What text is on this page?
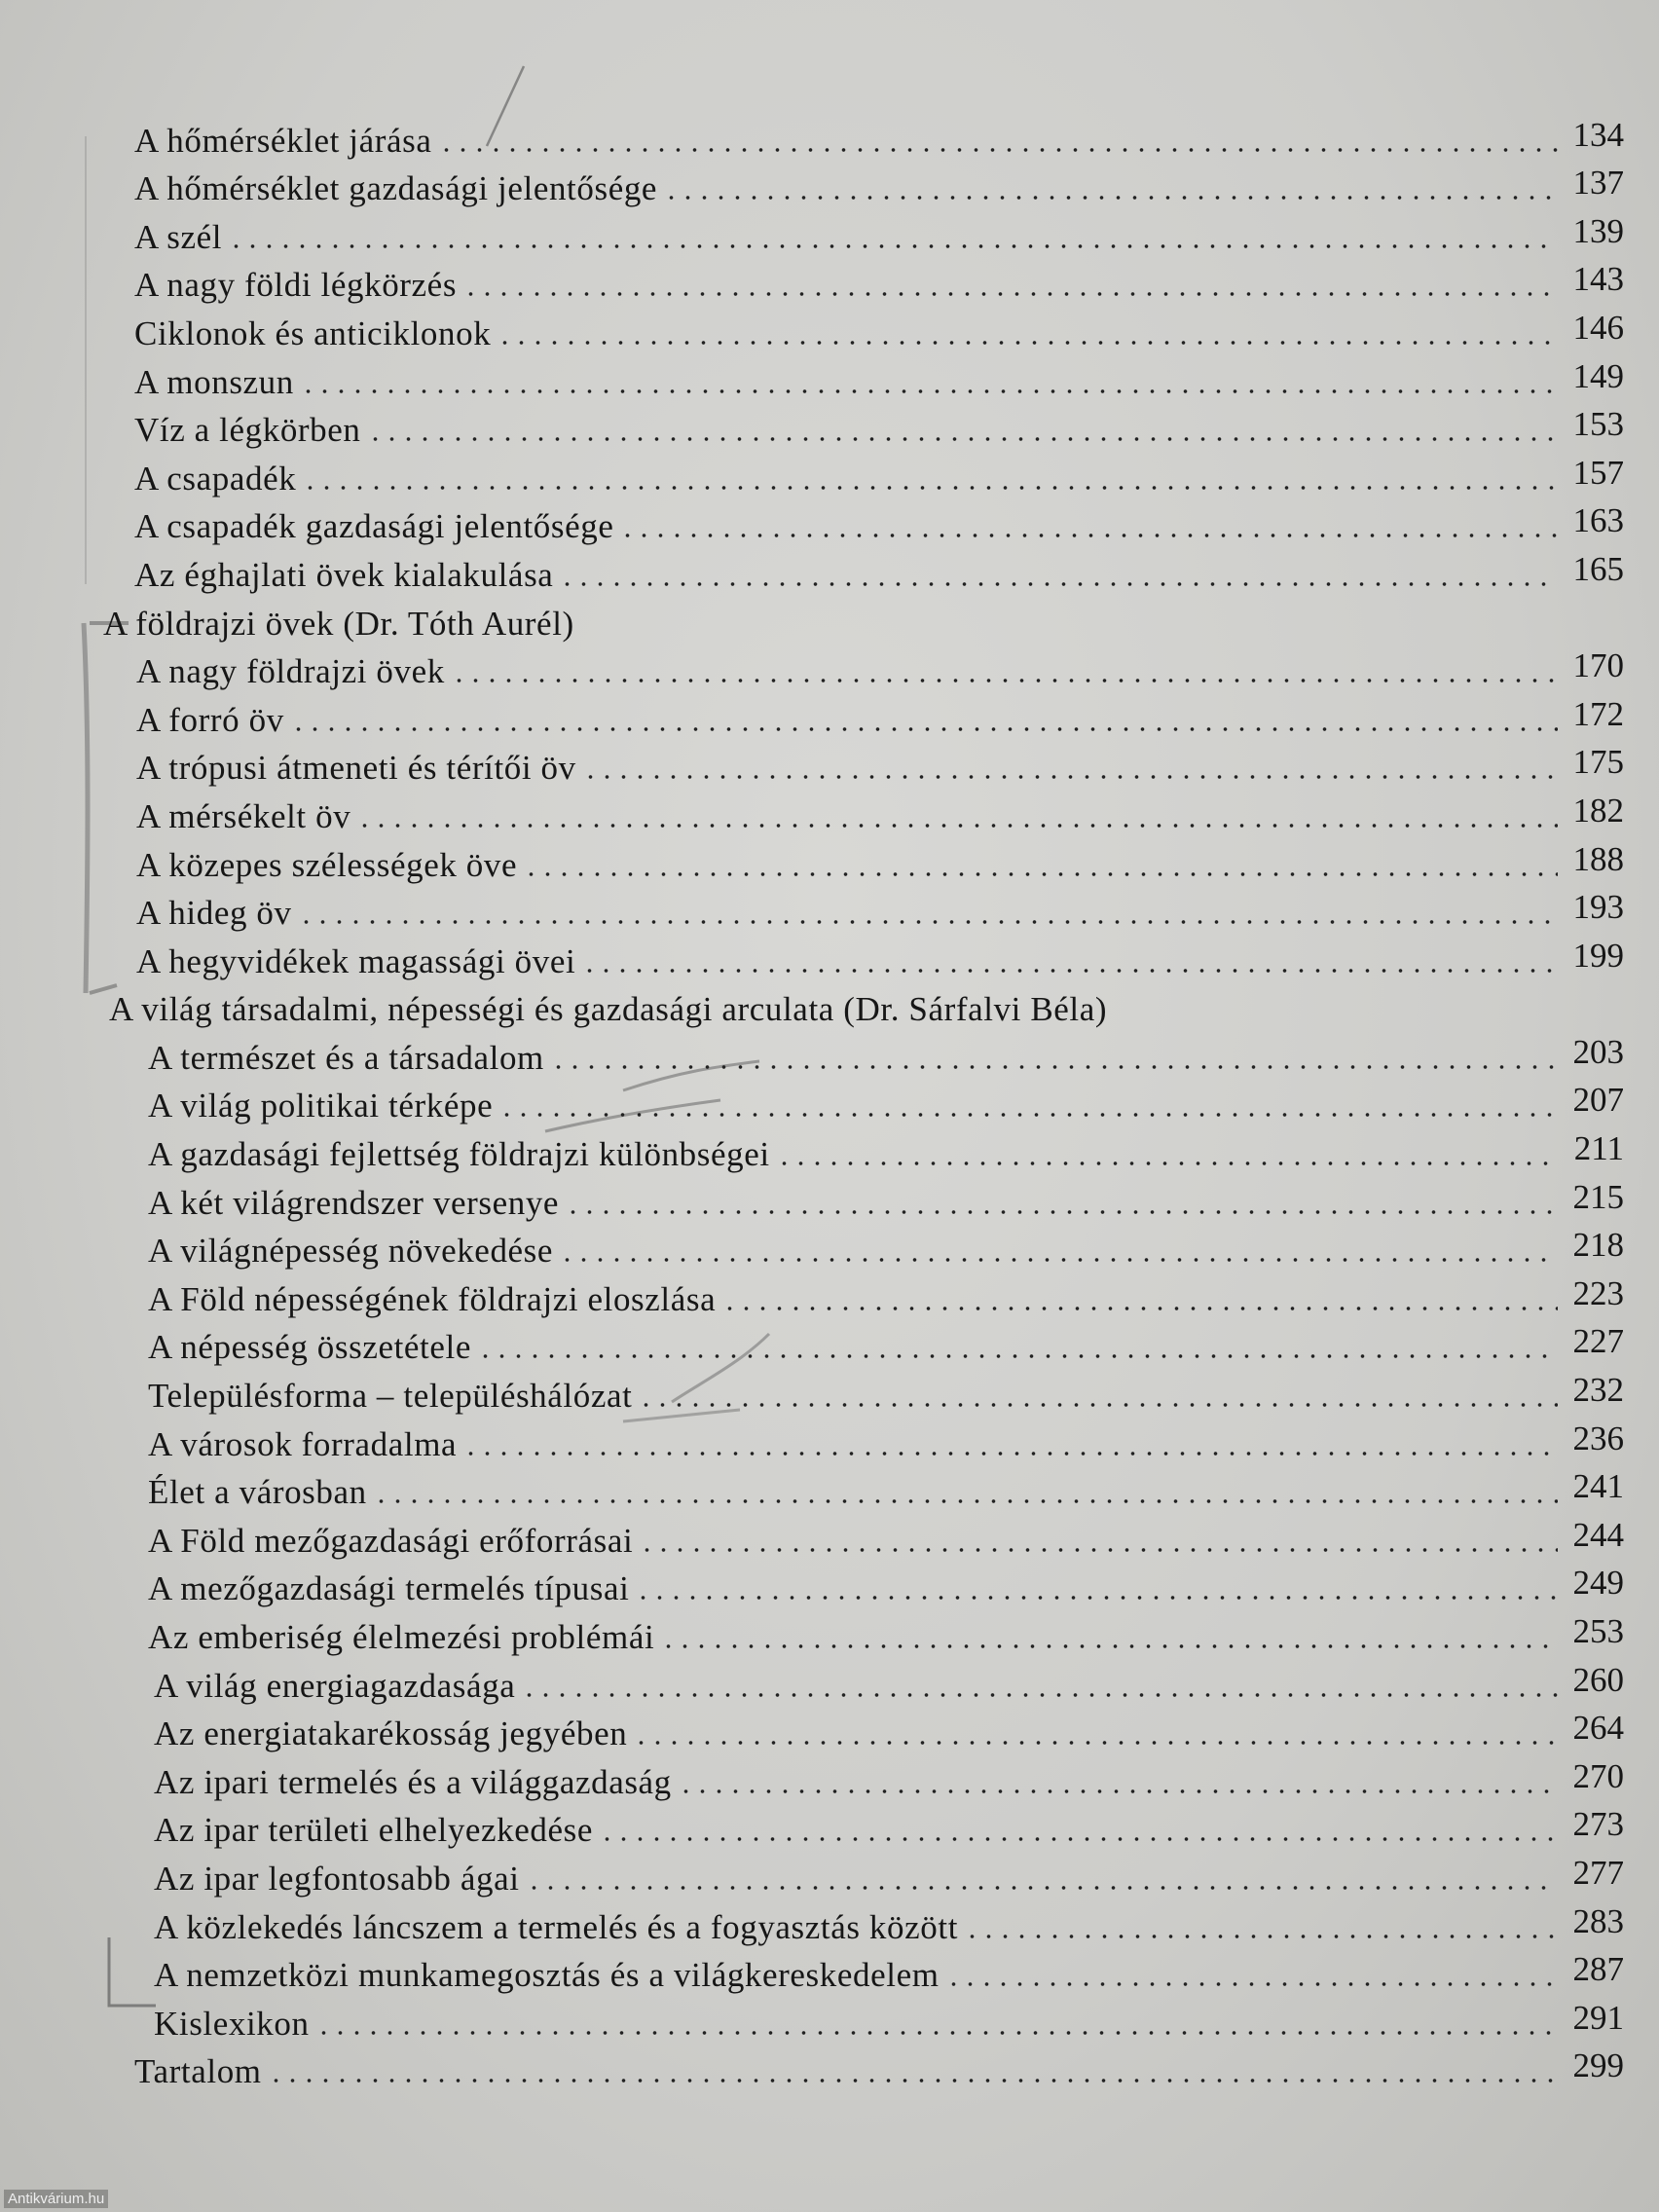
A hőmérséklet járása	134
A hőmérséklet gazdasági jelentősége	137
A szél	139
A nagy földi légkörzés	143
Ciklonok és anticiklonok	146
A monszun	149
Víz a légkörben	153
A csapadék	157
A csapadék gazdasági jelentősége	163
Az éghajlati övek kialakulása	165
A földrajzi övek (Dr. Tóth Aurél)
A nagy földrajzi övek	170
A forró öv	172
A trópusi átmeneti és térítői öv	175
A mérsékelt öv	182
A közepes szélességek öve	188
A hideg öv	193
A hegyvidékek magassági övei	199
A világ társadalmi, népességi és gazdasági arculata (Dr. Sárfalvi Béla)
A természet és a társadalom	203
A világ politikai térképe	207
A gazdasági fejlettség földrajzi különbségei	211
A két világrendszer versenye	215
A világnépesség növekedése	218
A Föld népességének földrajzi eloszlása	223
A népesség összetétele	227
Településforma – településhálózat	232
A városok forradalma	236
Élet a városban	241
A Föld mezőgazdasági erőforrásai	244
A mezőgazdasági termelés típusai	249
Az emberiség élelmezési problémái	253
A világ energiagazdasága	260
Az energiatakarékosság jegyében	264
Az ipari termelés és a világgazdaság	270
Az ipar területi elhelyezkedése	273
Az ipar legfontosabb ágai	277
A közlekedés láncszem a termelés és a fogyasztás között	283
A nemzetközi munkamegosztás és a világkereskedelem	287
Kislexikon	291
Tartalom	299
Antikvárium.hu
